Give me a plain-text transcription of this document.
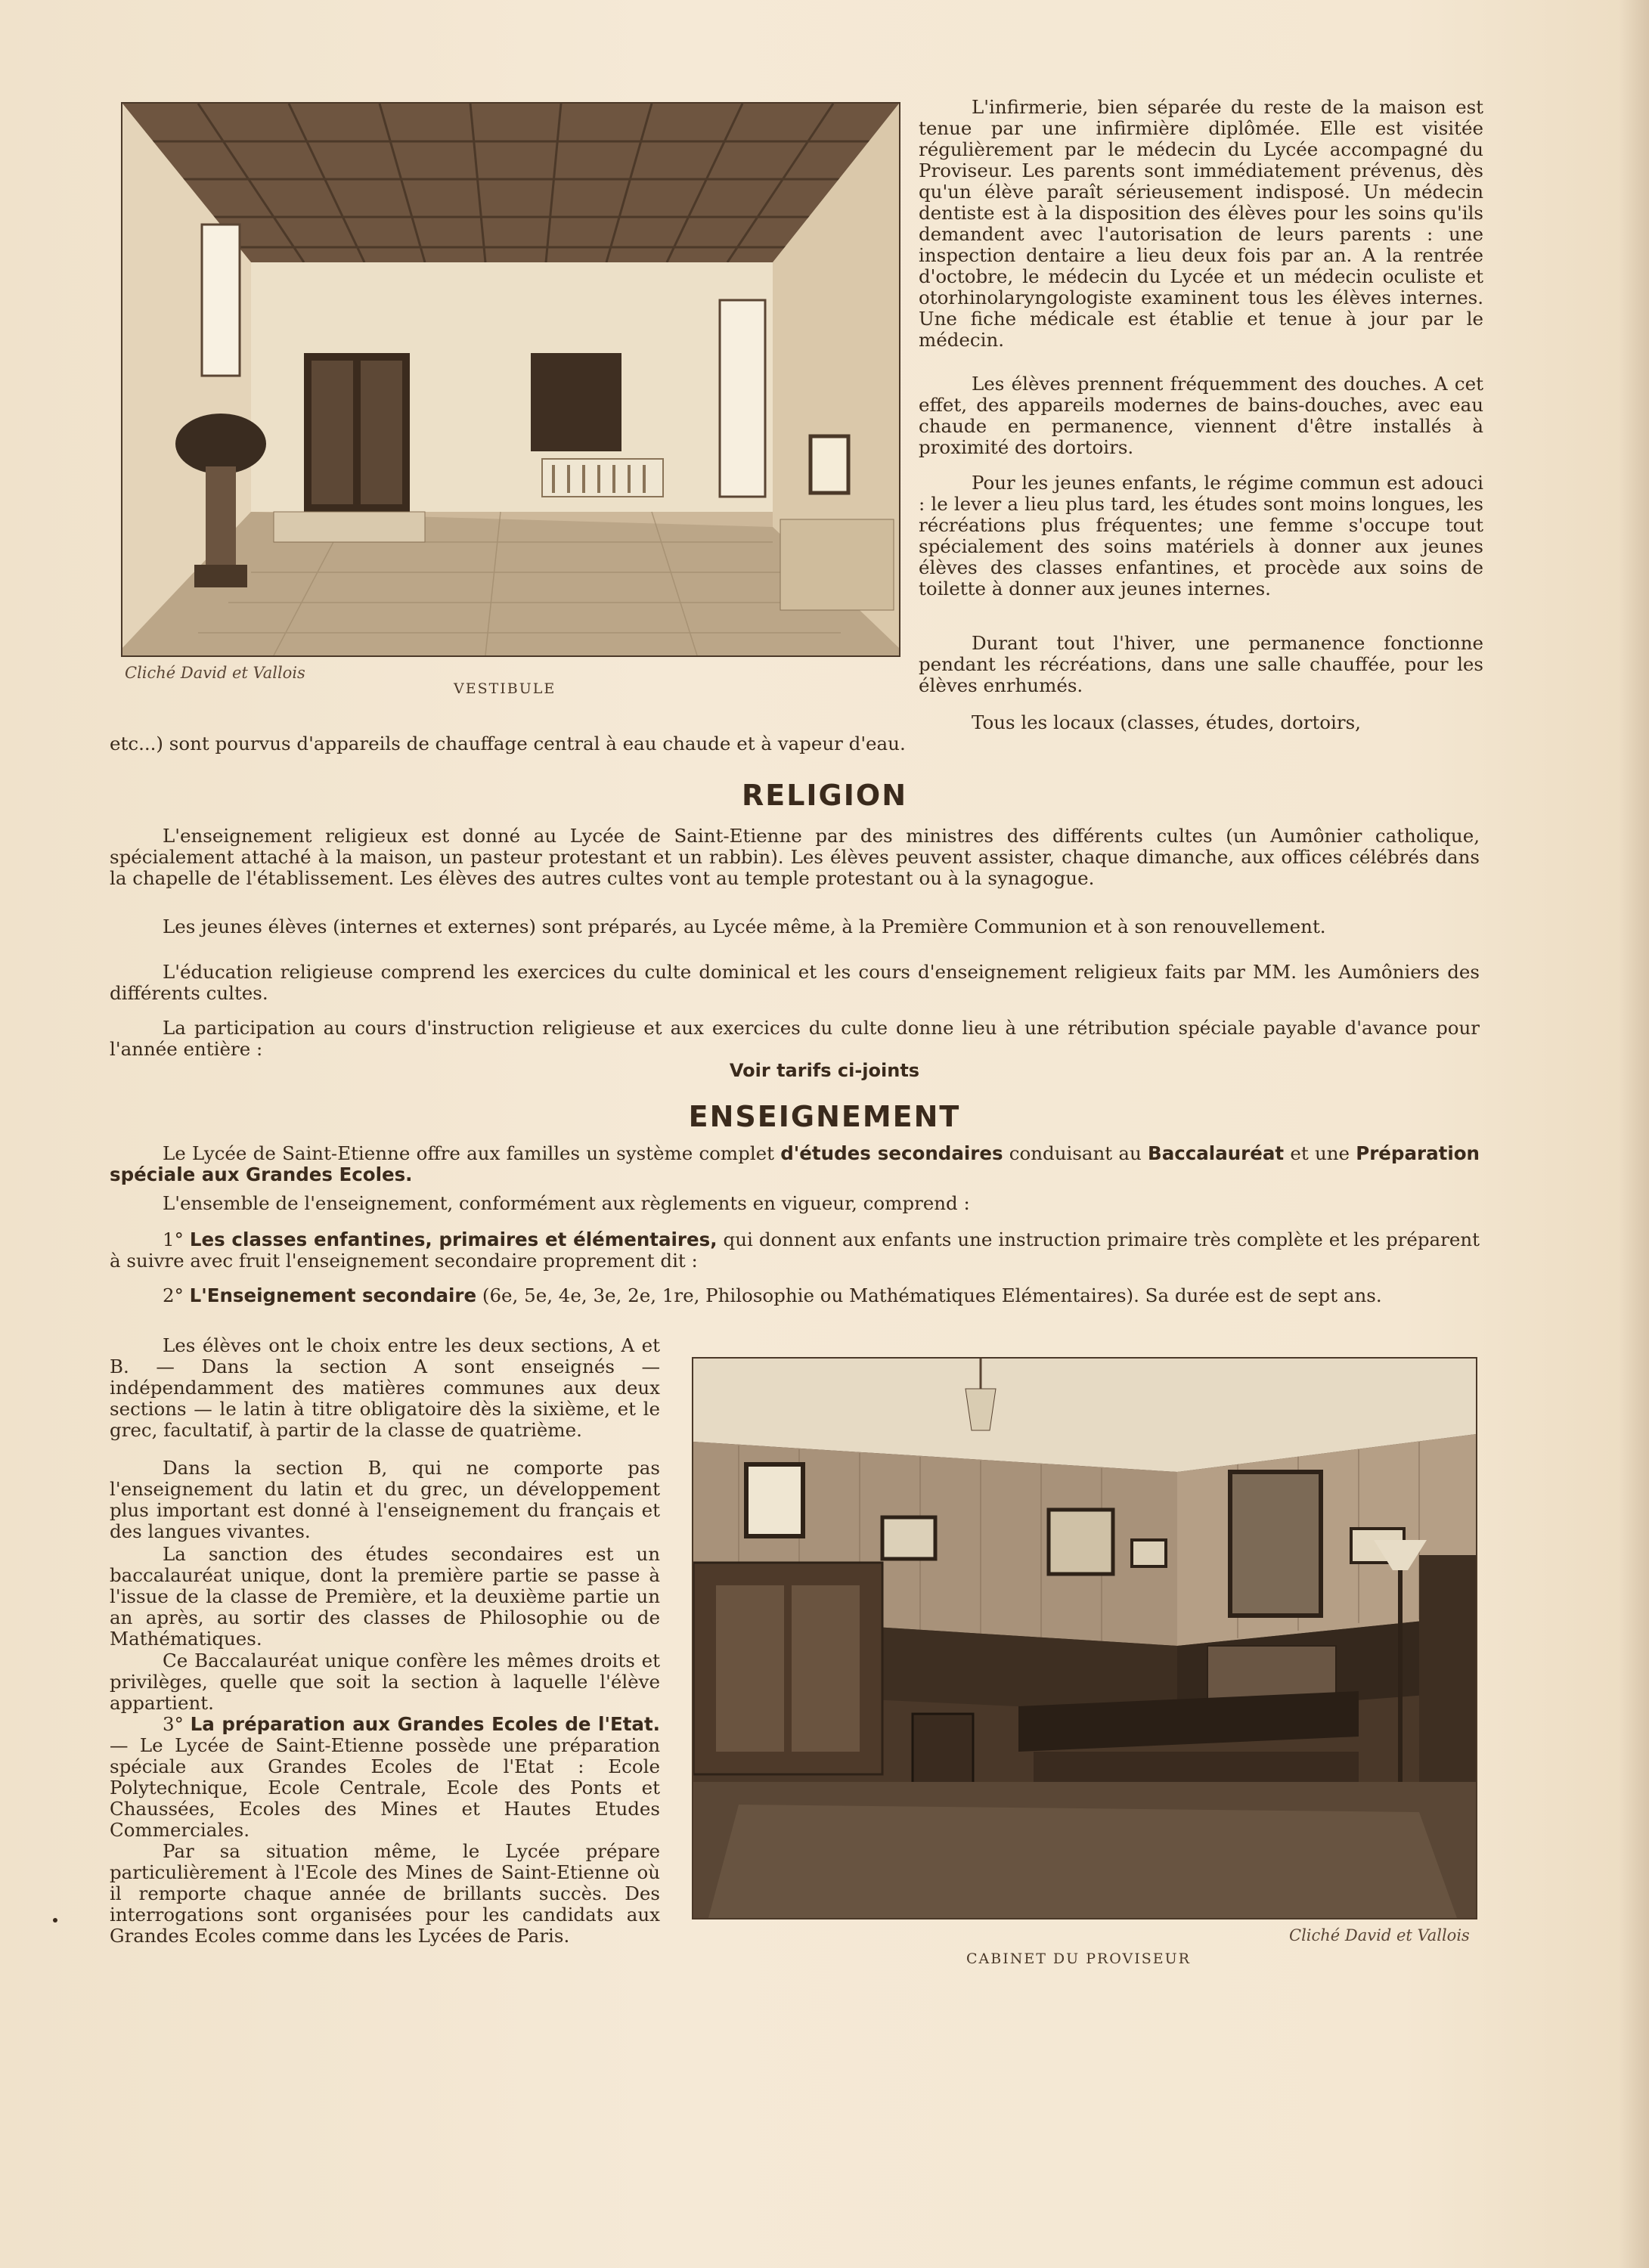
Cliché David et Vallois
VESTIBULE

L'infirmerie, bien séparée du reste de la maison est tenue par une infirmière diplômée. Elle est visitée régulièrement par le médecin du Lycée accompagné du Proviseur. Les parents sont immédiatement prévenus, dès qu'un élève paraît sérieusement indisposé. Un médecin dentiste est à la disposition des élèves pour les soins qu'ils demandent avec l'autorisation de leurs parents : une inspection dentaire a lieu deux fois par an. A la rentrée d'octobre, le médecin du Lycée et un médecin oculiste et otorhinolaryngologiste examinent tous les élèves internes. Une fiche médicale est établie et tenue à jour par le médecin.

Les élèves prennent fréquemment des douches. A cet effet, des appareils modernes de bains-douches, avec eau chaude en permanence, viennent d'être installés à proximité des dortoirs.

Pour les jeunes enfants, le régime commun est adouci : le lever a lieu plus tard, les études sont moins longues, les récréations plus fréquentes; une femme s'occupe tout spécialement des soins matériels à donner aux jeunes élèves des classes enfantines, et procède aux soins de toilette à donner aux jeunes internes.

Durant tout l'hiver, une permanence fonctionne pendant les récréations, dans une salle chauffée, pour les élèves enrhumés.

Tous les locaux (classes, études, dortoirs,

etc...) sont pourvus d'appareils de chauffage central à eau chaude et à vapeur d'eau.

RELIGION

L'enseignement religieux est donné au Lycée de Saint-Etienne par des ministres des différents cultes (un Aumônier catholique, spécialement attaché à la maison, un pasteur protestant et un rabbin). Les élèves peuvent assister, chaque dimanche, aux offices célébrés dans la chapelle de l'établissement. Les élèves des autres cultes vont au temple protestant ou à la synagogue.

Les jeunes élèves (internes et externes) sont préparés, au Lycée même, à la Première Communion et à son renouvellement.

L'éducation religieuse comprend les exercices du culte dominical et les cours d'enseignement religieux faits par MM. les Aumôniers des différents cultes.

La participation au cours d'instruction religieuse et aux exercices du culte donne lieu à une rétribution spéciale payable d'avance pour l'année entière :

Voir tarifs ci-joints
ENSEIGNEMENT

Le Lycée de Saint-Etienne offre aux familles un système complet d'études secondaires conduisant au Baccalauréat et une Préparation spéciale aux Grandes Ecoles.

L'ensemble de l'enseignement, conformément aux règlements en vigueur, comprend :

1° Les classes enfantines, primaires et élémentaires, qui donnent aux enfants une instruction primaire très complète et les préparent à suivre avec fruit l'enseignement secondaire proprement dit :

2° L'Enseignement secondaire (6e, 5e, 4e, 3e, 2e, 1re, Philosophie ou Mathématiques Elémentaires). Sa durée est de sept ans.

Les élèves ont le choix entre les deux sections, A et B. — Dans la section A sont enseignés — indépendamment des matières communes aux deux sections — le latin à titre obligatoire dès la sixième, et le grec, facultatif, à partir de la classe de quatrième.

Dans la section B, qui ne comporte pas l'enseignement du latin et du grec, un développement plus important est donné à l'enseignement du français et des langues vivantes.

La sanction des études secondaires est un baccalauréat unique, dont la première partie se passe à l'issue de la classe de Première, et la deuxième partie un an après, au sortir des classes de Philosophie ou de Mathématiques.

Ce Baccalauréat unique confère les mêmes droits et privilèges, quelle que soit la section à laquelle l'élève appartient.

3° La préparation aux Grandes Ecoles de l'Etat. — Le Lycée de Saint-Etienne possède une préparation spéciale aux Grandes Ecoles de l'Etat : Ecole Polytechnique, Ecole Centrale, Ecole des Ponts et Chaussées, Ecoles des Mines et Hautes Etudes Commerciales.

Par sa situation même, le Lycée prépare particulièrement à l'Ecole des Mines de Saint-Etienne où il remporte chaque année de brillants succès. Des interrogations sont organisées pour les candidats aux Grandes Ecoles comme dans les Lycées de Paris.	Cliché David et Vallois
CABINET DU PROVISEUR
